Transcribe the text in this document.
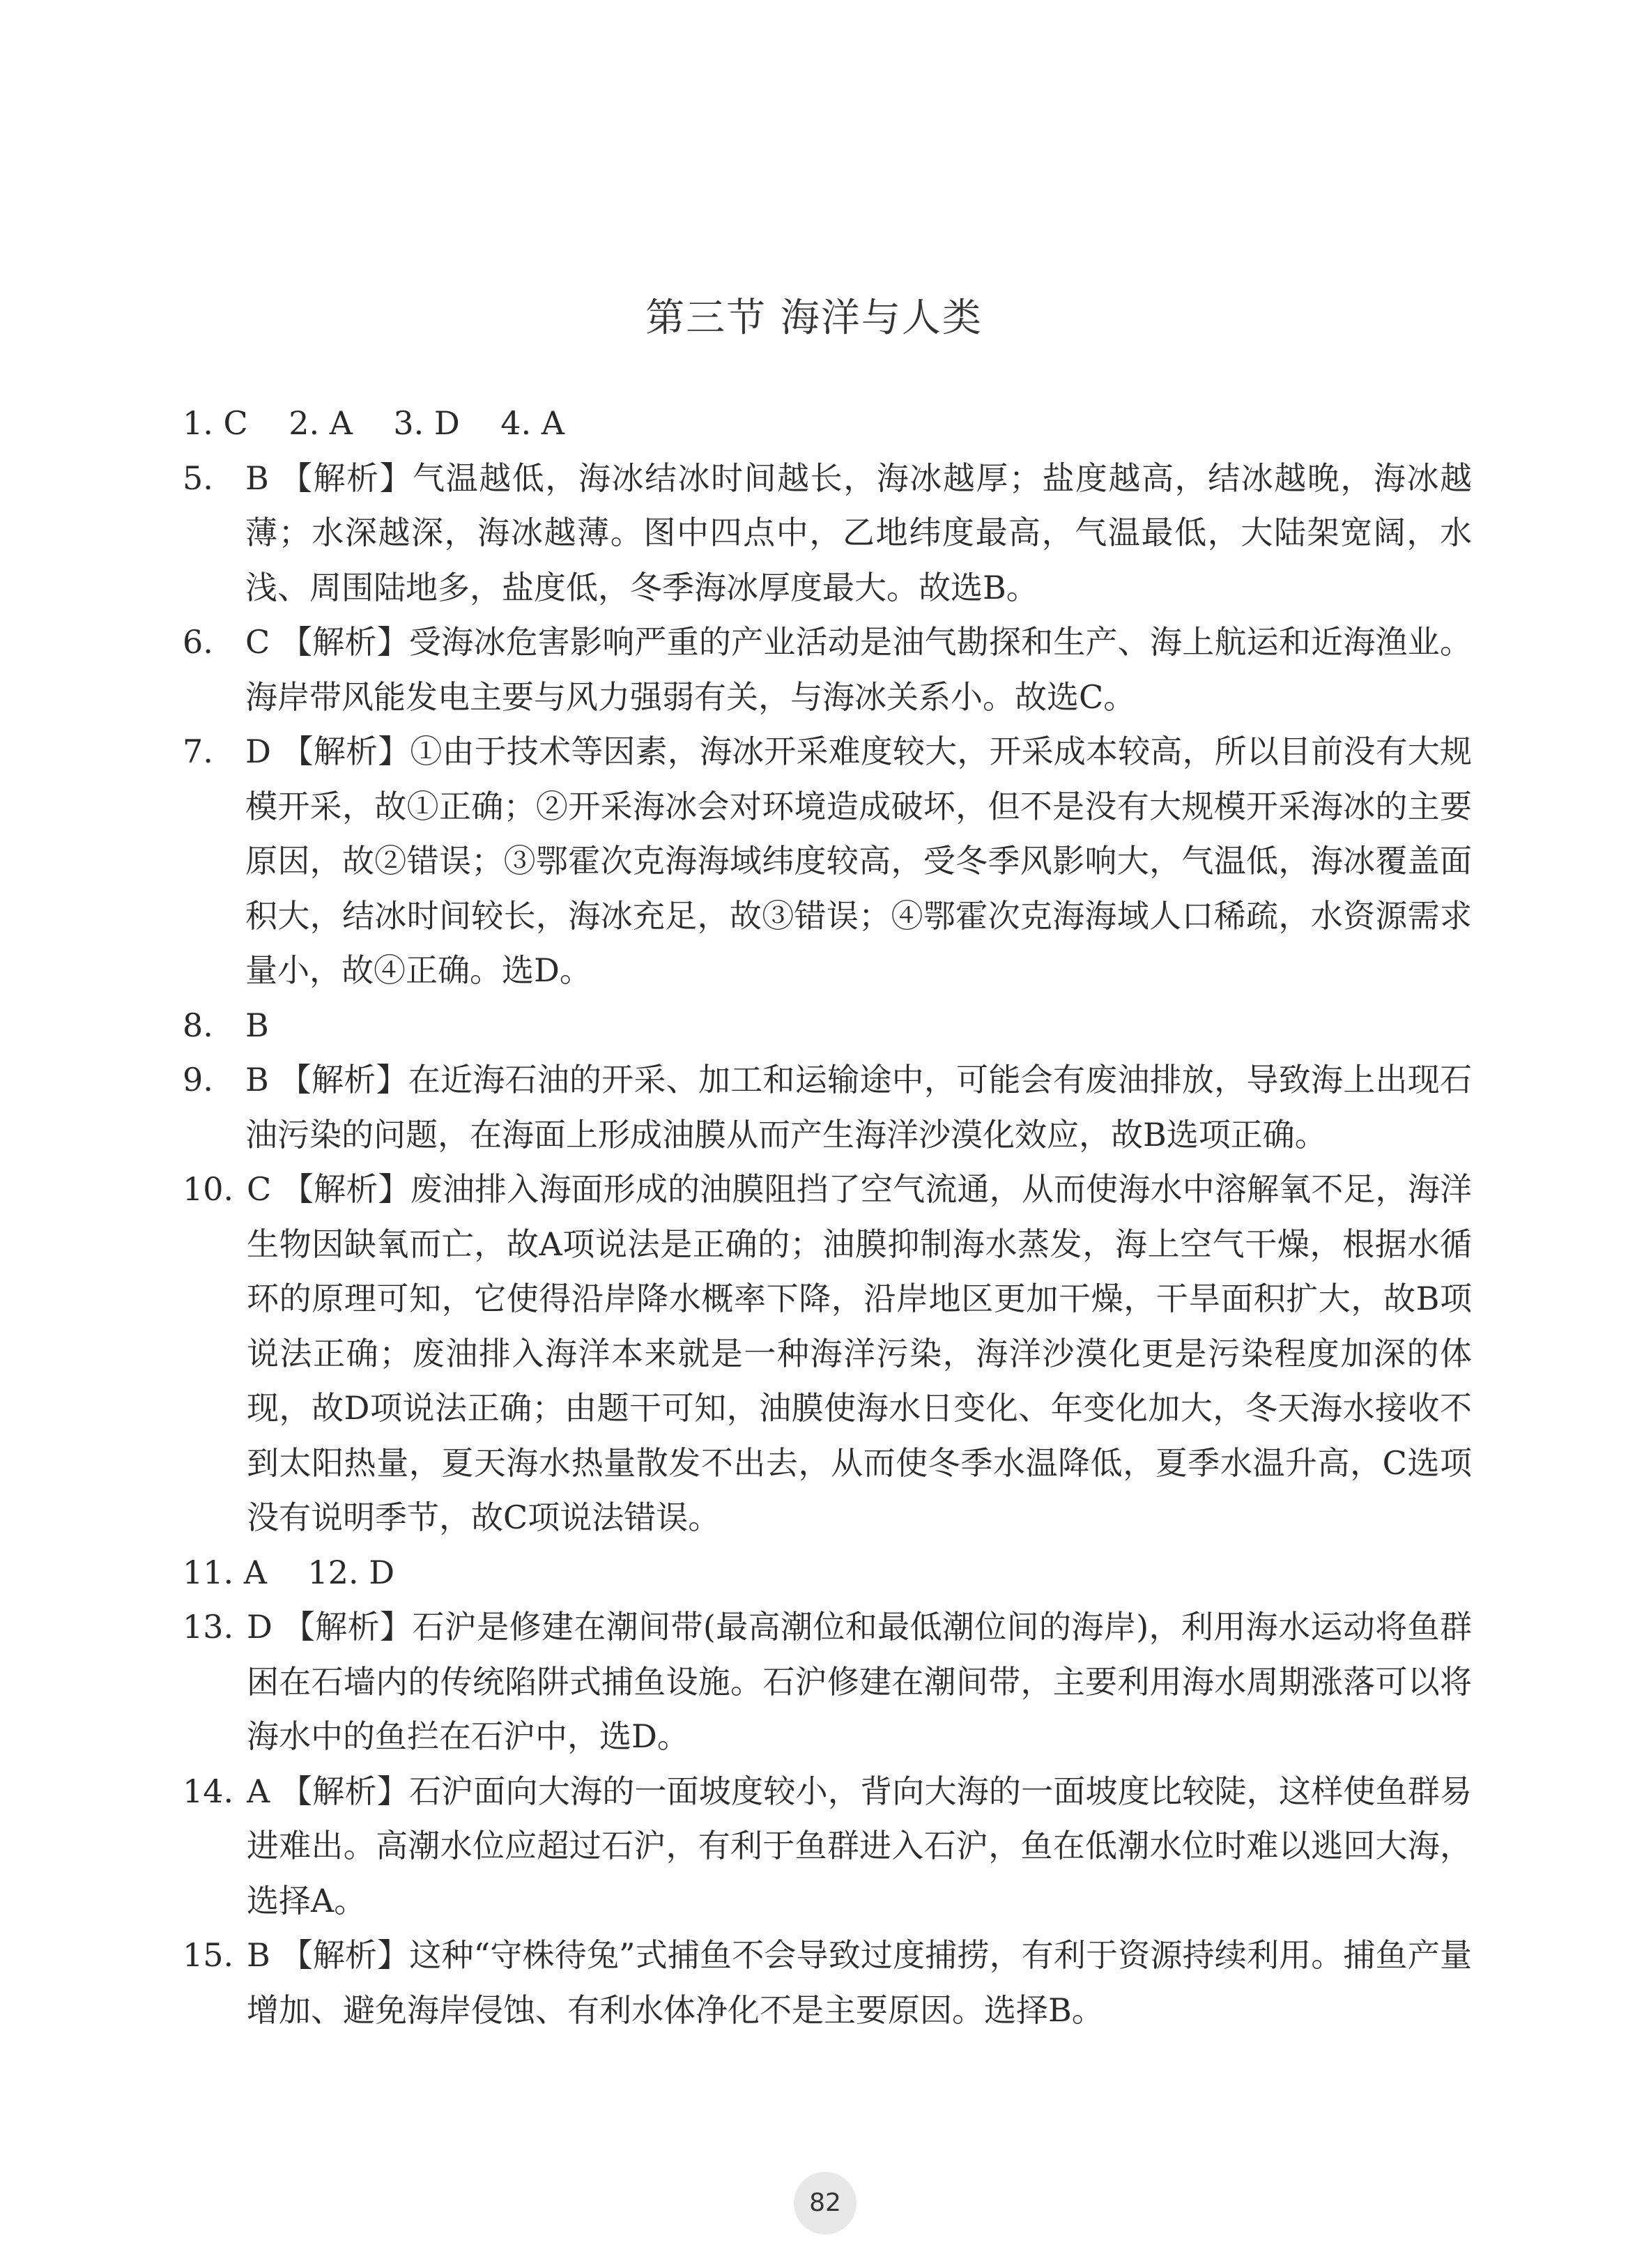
第三节 海洋与人类
1. C    2. A    3. D    4. A
5. B 【解析】气温越低，海冰结冰时间越长，海冰越厚；盐度越高，结冰越晚，海冰越薄；水深越深，海冰越薄。图中四点中，乙地纬度最高，气温最低，大陆架宽阔，水浅、周围陆地多，盐度低，冬季海冰厚度最大。故选B。
6. C 【解析】受海冰危害影响严重的产业活动是油气勘探和生产、海上航运和近海渔业。海岸带风能发电主要与风力强弱有关，与海冰关系小。故选C。
7. D 【解析】①由于技术等因素，海冰开采难度较大，开采成本较高，所以目前没有大规模开采，故①正确；②开采海冰会对环境造成破坏，但不是没有大规模开采海冰的主要原因，故②错误；③鄂霍次克海海域纬度较高，受冬季风影响大，气温低，海冰覆盖面积大，结冰时间较长，海冰充足，故③错误；④鄂霍次克海海域人口稀疏，水资源需求量小，故④正确。选D。
8. B
9. B 【解析】在近海石油的开采、加工和运输途中，可能会有废油排放，导致海上出现石油污染的问题，在海面上形成油膜从而产生海洋沙漠化效应，故B选项正确。
10. C 【解析】废油排入海面形成的油膜阻挡了空气流通，从而使海水中溶解氧不足，海洋生物因缺氧而亡，故A项说法是正确的；油膜抑制海水蒸发，海上空气干燥，根据水循环的原理可知，它使得沿岸降水概率下降，沿岸地区更加干燥，干旱面积扩大，故B项说法正确；废油排入海洋本来就是一种海洋污染，海洋沙漠化更是污染程度加深的体现，故D项说法正确；由题干可知，油膜使海水日变化、年变化加大，冬天海水接收不到太阳热量，夏天海水热量散发不出去，从而使冬季水温降低，夏季水温升高，C选项没有说明季节，故C项说法错误。
11. A    12. D
13. D 【解析】石沪是修建在潮间带(最高潮位和最低潮位间的海岸)，利用海水运动将鱼群困在石墙内的传统陷阱式捕鱼设施。石沪修建在潮间带，主要利用海水周期涨落可以将海水中的鱼拦在石沪中，选D。
14. A 【解析】石沪面向大海的一面坡度较小，背向大海的一面坡度比较陡，这样使鱼群易进难出。高潮水位应超过石沪，有利于鱼群进入石沪，鱼在低潮水位时难以逃回大海，选择A。
15. B 【解析】这种“守株待兔”式捕鱼不会导致过度捕捞，有利于资源持续利用。捕鱼产量增加、避免海岸侵蚀、有利水体净化不是主要原因。选择B。
82
